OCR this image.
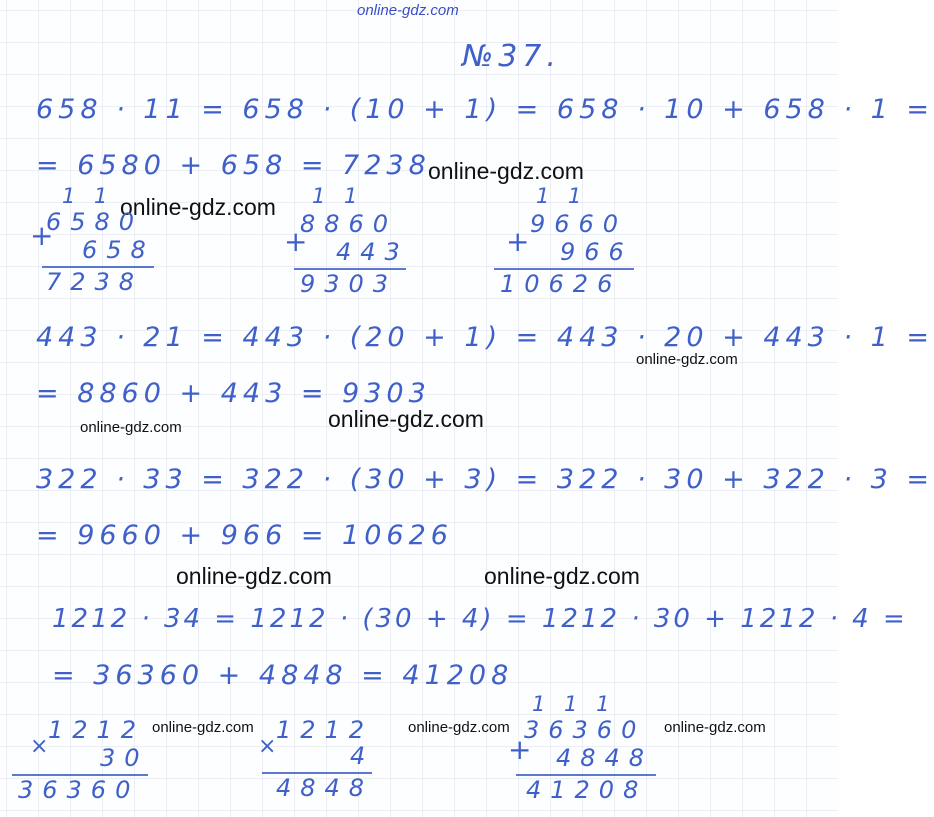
online-gdz.com
№37.
658 · 11 = 658 · (10 + 1) = 658 · 10 + 658 · 1 =
= 6580 + 658 = 7238
online-gdz.com
online-gdz.com
1 1
+
6580
658
7238
1 1
+
8860
443
9303
1 1
+
9660
966
10626
443 · 21 = 443 · (20 + 1) = 443 · 20 + 443 · 1 =
online-gdz.com
= 8860 + 443 = 9303
online-gdz.com
online-gdz.com
322 · 33 = 322 · (30 + 3) = 322 · 30 + 322 · 3 =
= 9660 + 966 = 10626
online-gdz.com	online-gdz.com
1212 · 34 = 1212 · (30 + 4) = 1212 · 30 + 1212 · 4 =
= 36360 + 4848 = 41208
×
1212
30
36360
online-gdz.com
×
1212
4
4848
online-gdz.com
1 1 1
+
36360
4848
41208
online-gdz.com
